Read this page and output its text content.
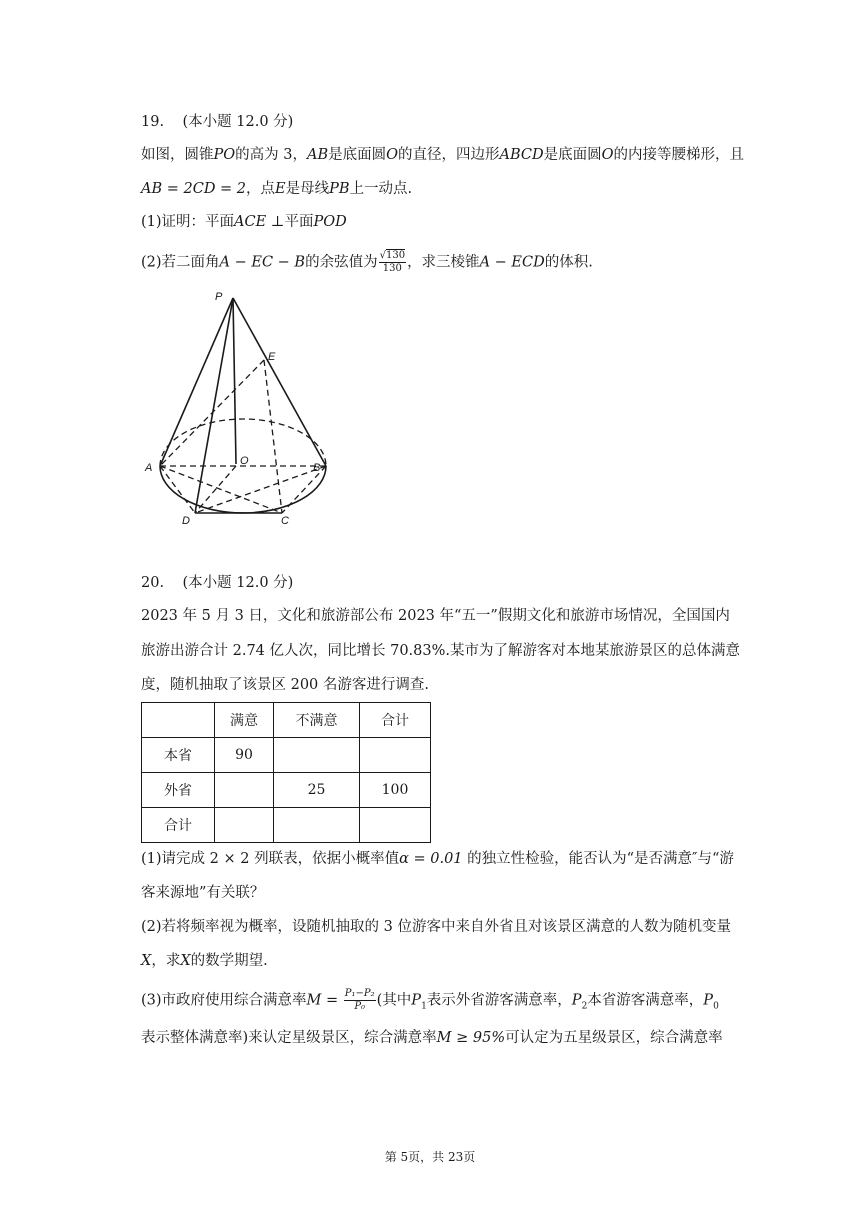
19. (本小题 12.0 分)
如图，圆锥PO的高为 3，AB是底面圆O的直径，四边形ABCD是底面圆O的内接等腰梯形，且
AB = 2CD = 2，点E是母线PB上一动点.
(1)证明：平面ACE ⊥平面POD
(2)若二面角A − EC − B的余弦值为 $\frac{√130}{130}$ ，求三棱锥A − ECD的体积.
P
E
A
O
B
D	C
20. (本小题 12.0 分)
2023 年 5 月 3 日，文化和旅游部公布 2023 年“五一”假期文化和旅游市场情况，全国国内
旅游出游合计 2.74 亿人次，同比增长 70.83%.某市为了解游客对本地某旅游景区的总体满意
度，随机抽取了该景区 200 名游客进行调查.
	满意	不满意	合计
本省	90		
外省		25	100
合计			
(1)请完成 2 × 2 列联表，依据小概率值α = 0.01 的独立性检验，能否认为“是否满意″与“游
客来源地”有关联？
(2)若将频率视为概率，设随机抽取的 3 位游客中来自外省且对该景区满意的人数为随机变量
X，求X的数学期望.
(3)市政府使用综合满意率$M = \frac{\text{P₁−P₂}}{\text{P₀}}$ (其中$P_1$表示外省游客满意率，$P_2$本省游客满意率，$P_0$
表示整体满意率)来认定星级景区，综合满意率M ≥ 95%可认定为五星级景区，综合满意率
第 5页，共 23页
